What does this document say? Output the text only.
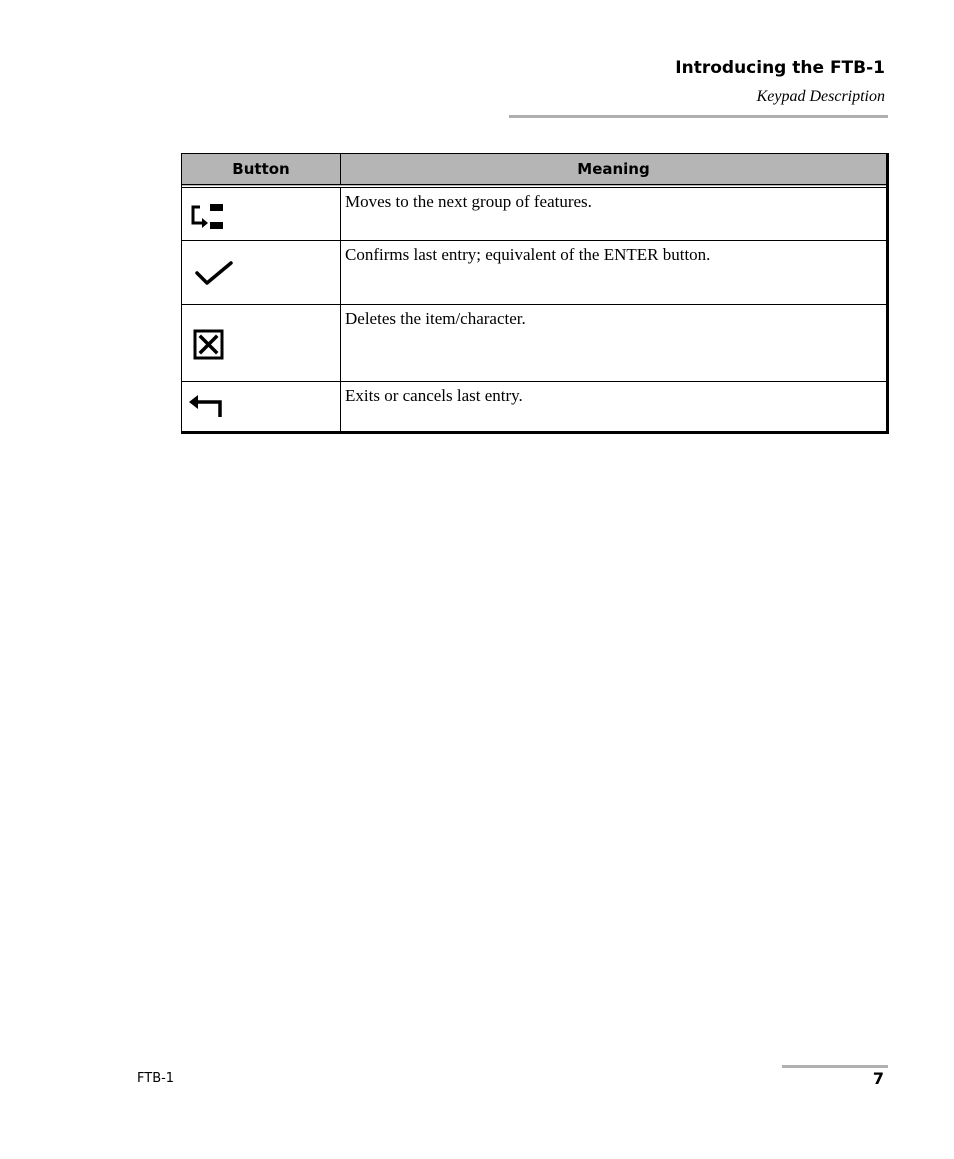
Introducing the FTB-1
Keypad Description
Button	Meaning

	Moves to the next group of features.

	Confirms last entry; equivalent of the ENTER button.

	Deletes the item/character.

	Exits or cancels last entry.
FTB-1	7
